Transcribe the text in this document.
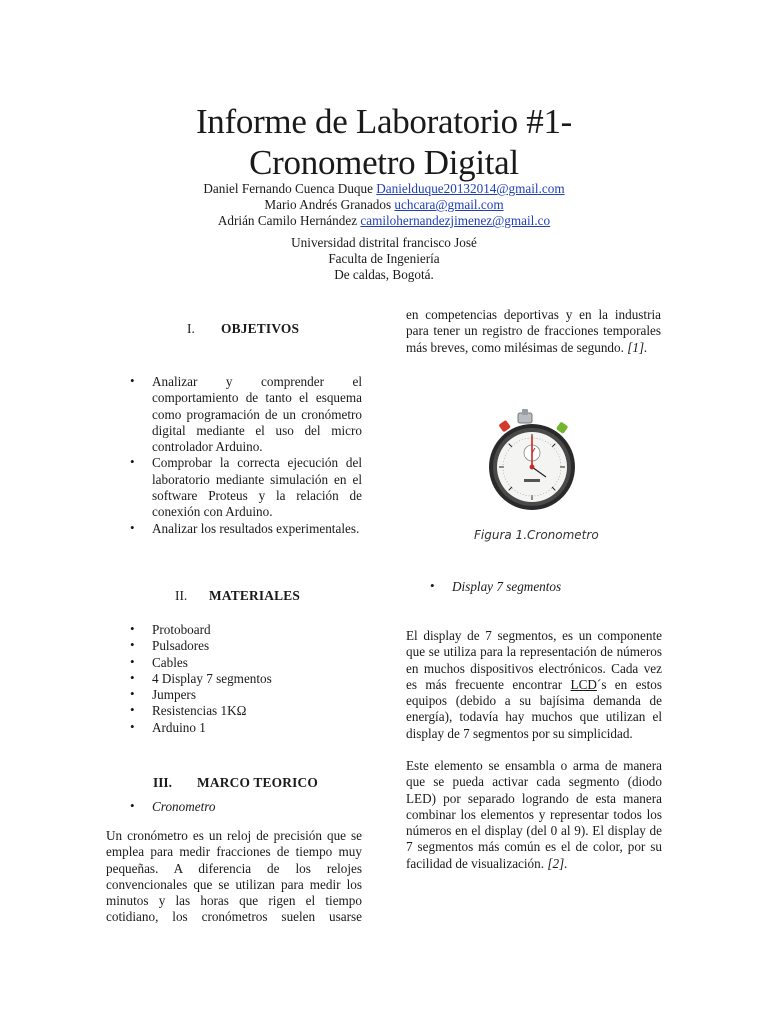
Informe de Laboratorio #1-
Cronometro Digital
Daniel Fernando Cuenca Duque Danielduque20132014@gmail.com
Mario Andrés Granados uchcara@gmail.com
Adrián Camilo Hernández camilohernandezjimenez@gmail.co
Universidad distrital francisco José
Faculta de Ingeniería
De caldas, Bogotá.
I. OBJETIVOS
• Analizar y comprender el comportamiento de tanto el esquema como programación de un cronómetro digital mediante el uso del micro controlador Arduino.
• Comprobar la correcta ejecución del laboratorio mediante simulación en el software Proteus y la relación de conexión con Arduino.
• Analizar los resultados experimentales.
II. MATERIALES
• Protoboard
• Pulsadores
• Cables
• 4 Display 7 segmentos
• Jumpers
• Resistencias 1KΩ
• Arduino 1
III. MARCO TEORICO
• Cronometro
Un cronómetro es un reloj de precisión que se emplea para medir fracciones de tiempo muy pequeñas. A diferencia de los relojes convencionales que se utilizan para medir los minutos y las horas que rigen el tiempo cotidiano, los cronómetros suelen usarse
en competencias deportivas y en la industria para tener un registro de fracciones temporales más breves, como milésimas de segundo. [1].
Figura 1.Cronometro
• Display 7 segmentos
El display de 7 segmentos, es un componente que se utiliza para la representación de números en muchos dispositivos electrónicos. Cada vez es más frecuente encontrar LCD´s en estos equipos (debido a su bajísima demanda de energía), todavía hay muchos que utilizan el display de 7 segmentos por su simplicidad.
Este elemento se ensambla o arma de manera que se pueda activar cada segmento (diodo LED) por separado logrando de esta manera combinar los elementos y representar todos los números en el display (del 0 al 9). El display de 7 segmentos más común es el de color, por su facilidad de visualización. [2].
